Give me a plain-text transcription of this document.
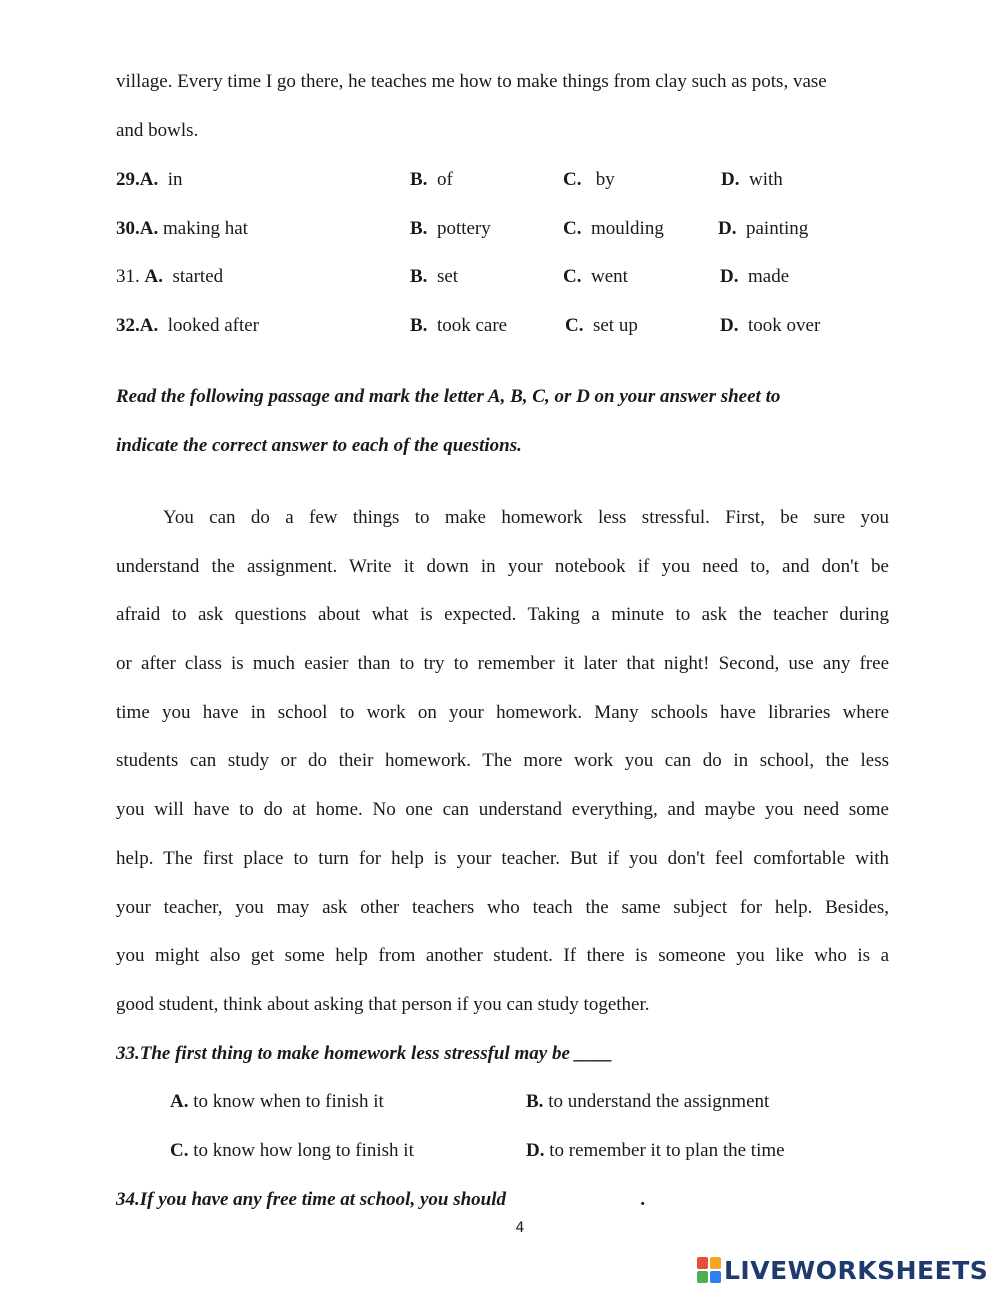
village. Every time I go there, he teaches me how to make things from clay such as pots, vase
and bowls.
29.A. in	B. of	C. by	D. with
30.A. making hat	B. pottery	C. moulding	D. painting
31. A. started	B. set	C. went	D. made
32.A. looked after	B. took care	C. set up	D. took over
Read the following passage and mark the letter A, B, C, or D on your answer sheet to
indicate the correct answer to each of the questions.
You can do a few things to make homework less stressful. First, be sure you
understand the assignment. Write it down in your notebook if you need to, and don't be
afraid to ask questions about what is expected. Taking a minute to ask the teacher during
or after class is much easier than to try to remember it later that night! Second, use any free
time you have in school to work on your homework. Many schools have libraries where
students can study or do their homework. The more work you can do in school, the less
you will have to do at home. No one can understand everything, and maybe you need some
help. The first place to turn for help is your teacher. But if you don't feel comfortable with
your teacher, you may ask other teachers who teach the same subject for help. Besides,
you might also get some help from another student. If there is someone you like who is a
good student, think about asking that person if you can study together.
33.The first thing to make homework less stressful may be ____
A. to know when to finish it	B. to understand the assignment
C. to know how long to finish it	D. to remember it to plan the time
34.If you have any free time at school, you should	.
4
LIVEWORKSHEETS
